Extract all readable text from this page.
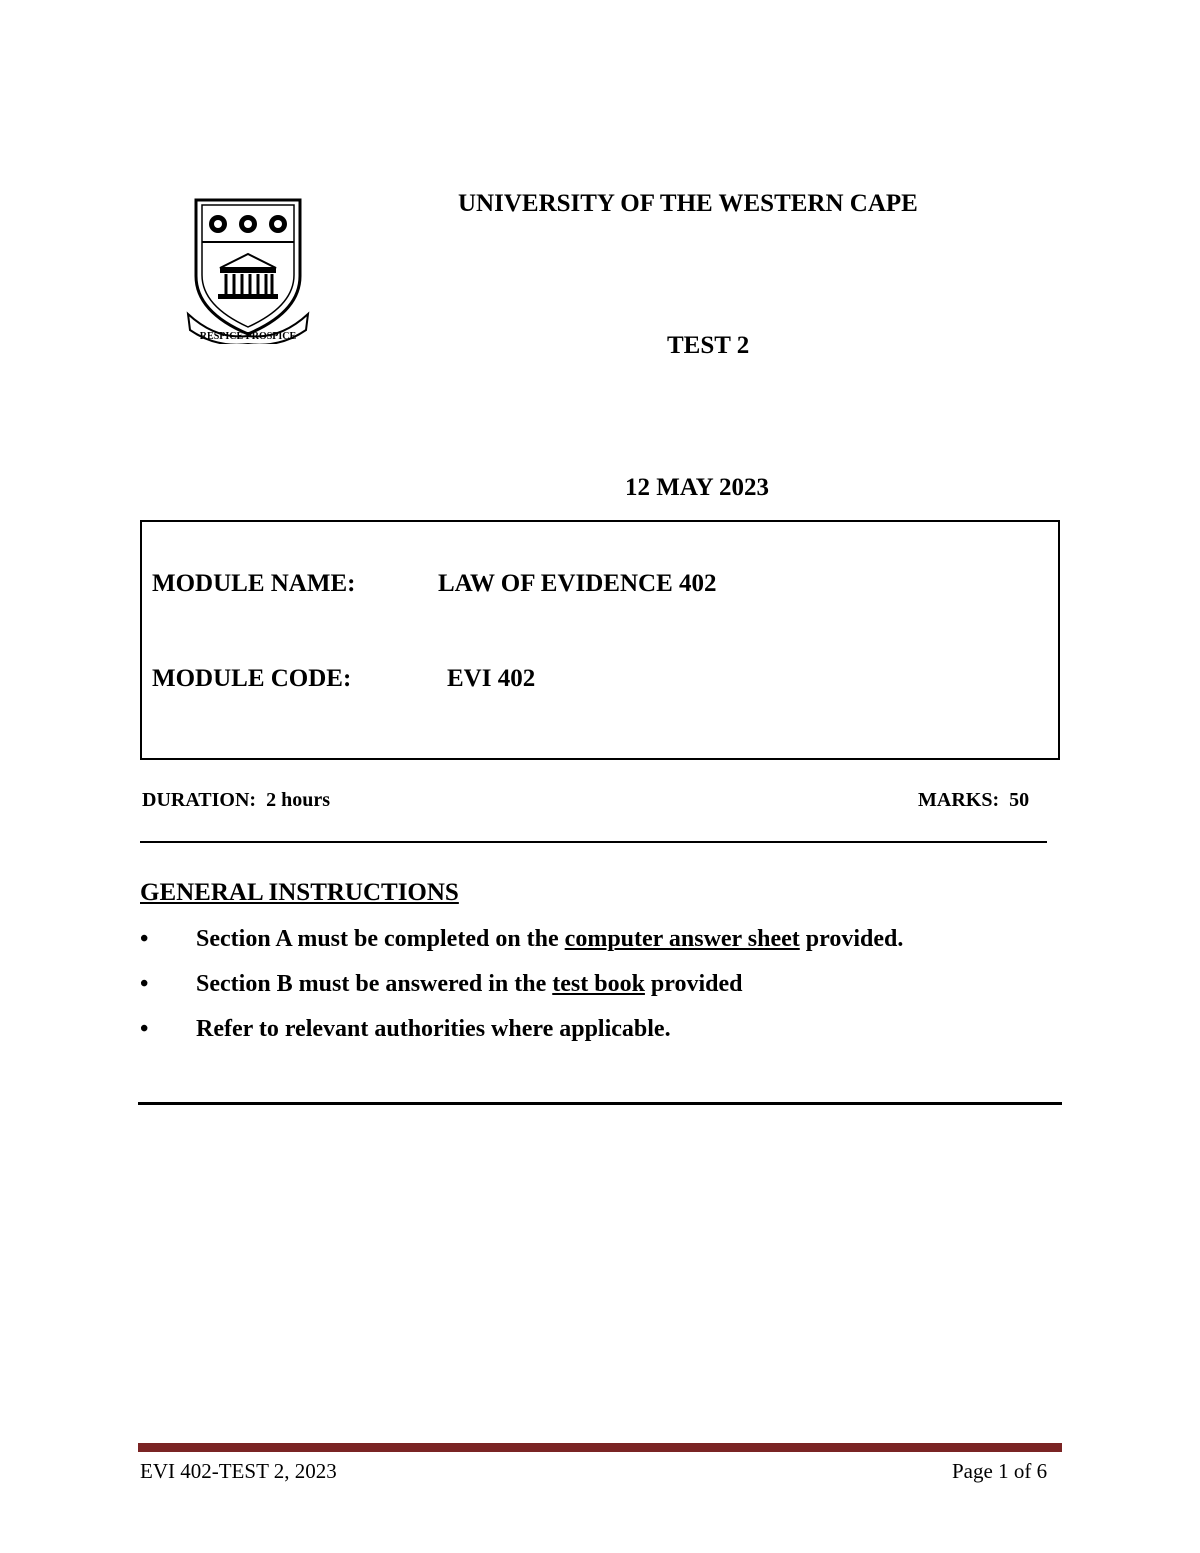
RESPICE PROSPICE
UNIVERSITY OF THE WESTERN CAPE
TEST 2
12 MAY 2023
MODULE NAME:	LAW OF EVIDENCE 402
MODULE CODE:	EVI 402
DURATION: 2 hours	MARKS: 50
GENERAL INSTRUCTIONS
•	Section A must be completed on the computer answer sheet provided.
•	Section B must be answered in the test book provided
•	Refer to relevant authorities where applicable.
EVI 402-TEST 2, 2023	Page 1 of 6
